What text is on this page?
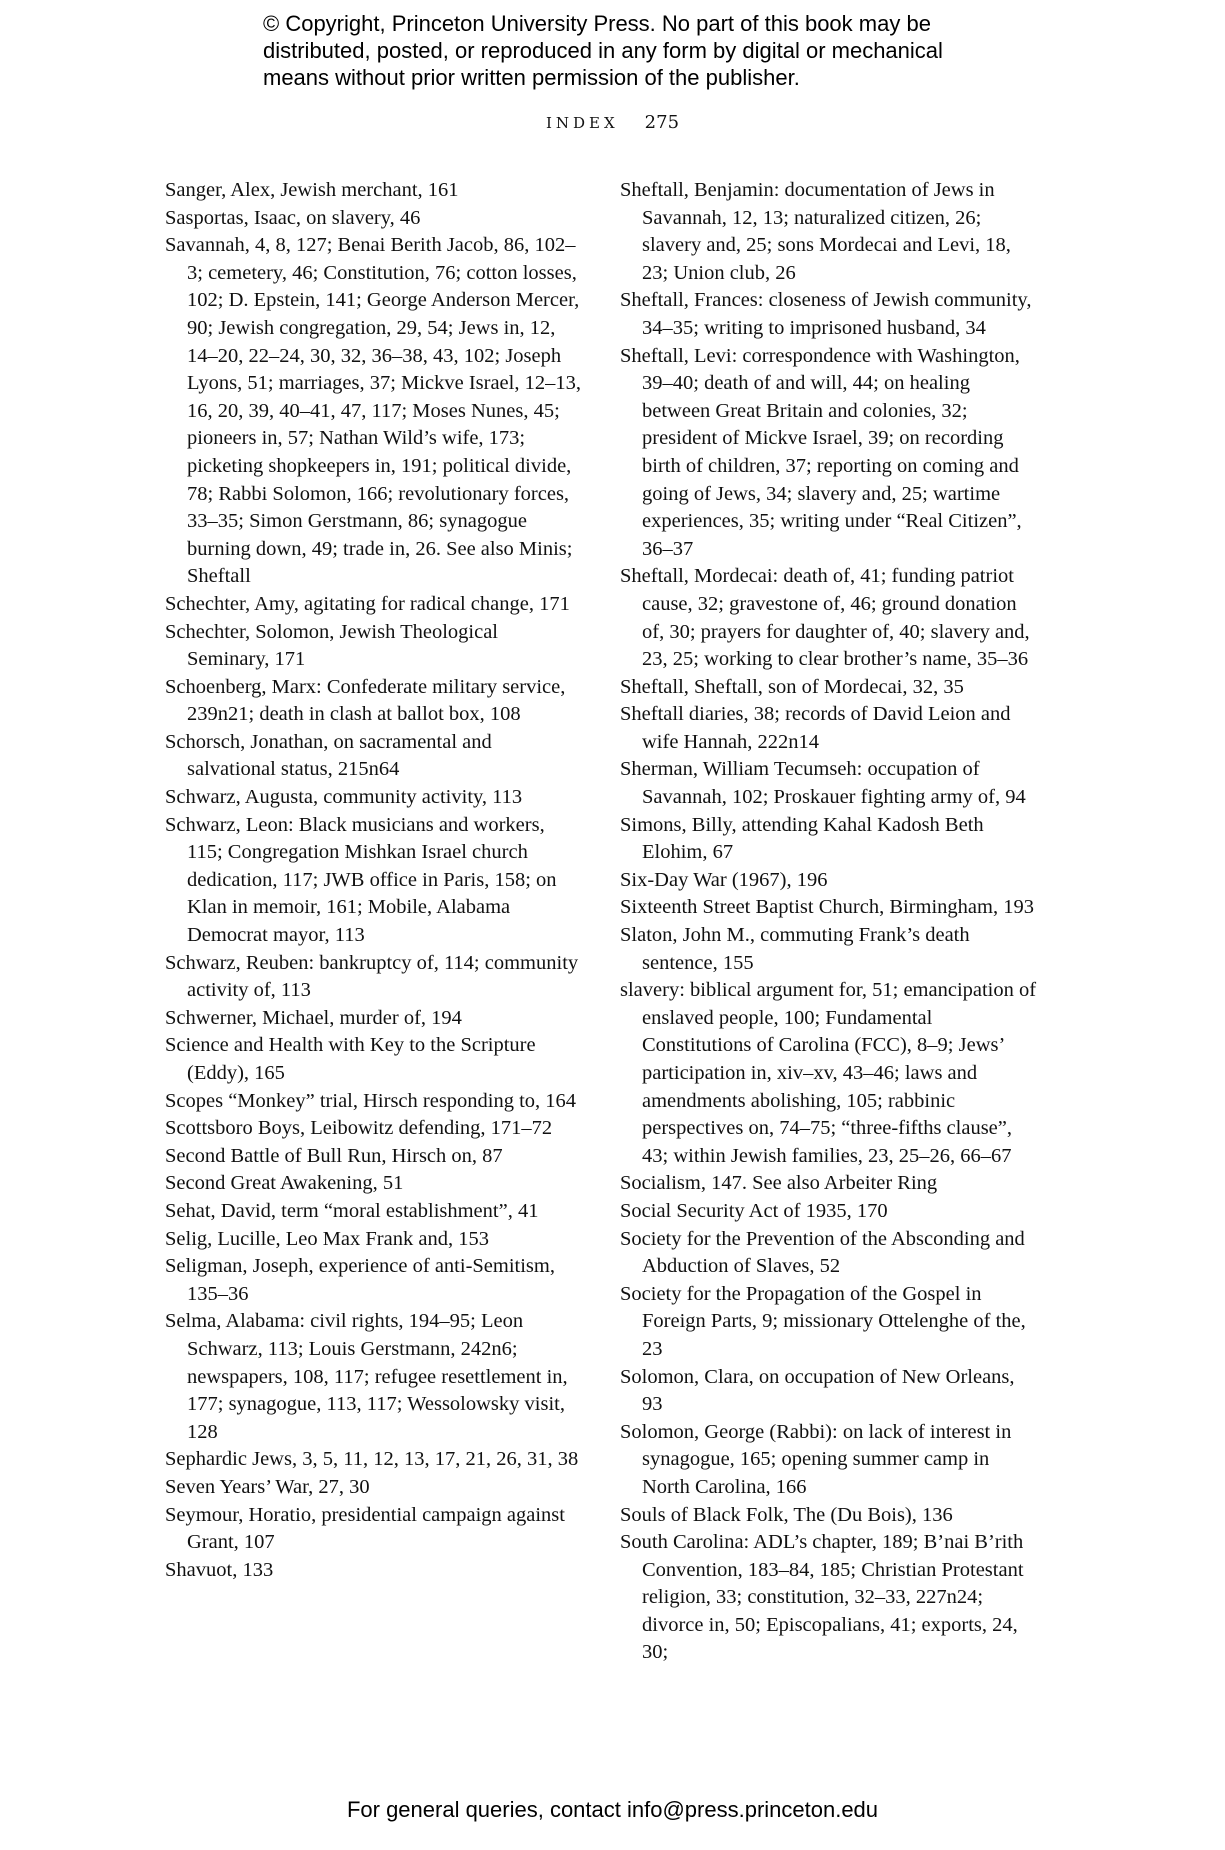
© Copyright, Princeton University Press. No part of this book may be
distributed, posted, or reproduced in any form by digital or mechanical
means without prior written permission of the publisher.
INDEX 275

Sanger, Alex, Jewish merchant, 161

Sasportas, Isaac, on slavery, 46

Savannah, 4, 8, 127; Benai Berith Jacob, 86, 102–3; cemetery, 46; Constitution, 76; cotton losses, 102; D. Epstein, 141; George Anderson Mercer, 90; Jewish congregation, 29, 54; Jews in, 12, 14–20, 22–24, 30, 32, 36–38, 43, 102; Joseph Lyons, 51; marriages, 37; Mickve Israel, 12–13, 16, 20, 39, 40–41, 47, 117; Moses Nunes, 45; pioneers in, 57; Nathan Wild’s wife, 173; picketing shopkeepers in, 191; political divide, 78; Rabbi Solomon, 166; revolutionary forces, 33–35; Simon Gerstmann, 86; synagogue burning down, 49; trade in, 26. See also Minis; Sheftall

Schechter, Amy, agitating for radical change, 171

Schechter, Solomon, Jewish Theological Seminary, 171

Schoenberg, Marx: Confederate military service, 239n21; death in clash at ballot box, 108

Schorsch, Jonathan, on sacramental and salvational status, 215n64

Schwarz, Augusta, community activity, 113

Schwarz, Leon: Black musicians and workers, 115; Congregation Mishkan Israel church dedication, 117; JWB office in Paris, 158; on Klan in memoir, 161; Mobile, Alabama Democrat mayor, 113

Schwarz, Reuben: bankruptcy of, 114; community activity of, 113

Schwerner, Michael, murder of, 194

Science and Health with Key to the Scripture (Eddy), 165

Scopes “Monkey” trial, Hirsch responding to, 164

Scottsboro Boys, Leibowitz defending, 171–72

Second Battle of Bull Run, Hirsch on, 87

Second Great Awakening, 51

Sehat, David, term “moral establishment”, 41

Selig, Lucille, Leo Max Frank and, 153

Seligman, Joseph, experience of anti-Semitism, 135–36

Selma, Alabama: civil rights, 194–95; Leon Schwarz, 113; Louis Gerstmann, 242n6; newspapers, 108, 117; refugee resettlement in, 177; synagogue, 113, 117; Wessolowsky visit, 128

Sephardic Jews, 3, 5, 11, 12, 13, 17, 21, 26, 31, 38

Seven Years’ War, 27, 30

Seymour, Horatio, presidential campaign against Grant, 107

Shavuot, 133

Sheftall, Benjamin: documentation of Jews in Savannah, 12, 13; naturalized citizen, 26; slavery and, 25; sons Mordecai and Levi, 18, 23; Union club, 26

Sheftall, Frances: closeness of Jewish community, 34–35; writing to imprisoned husband, 34

Sheftall, Levi: correspondence with Washington, 39–40; death of and will, 44; on healing between Great Britain and colonies, 32; president of Mickve Israel, 39; on recording birth of children, 37; reporting on coming and going of Jews, 34; slavery and, 25; wartime experiences, 35; writing under “Real Citizen”, 36–37

Sheftall, Mordecai: death of, 41; funding patriot cause, 32; gravestone of, 46; ground donation of, 30; prayers for daughter of, 40; slavery and, 23, 25; working to clear brother’s name, 35–36

Sheftall, Sheftall, son of Mordecai, 32, 35

Sheftall diaries, 38; records of David Leion and wife Hannah, 222n14

Sherman, William Tecumseh: occupation of Savannah, 102; Proskauer fighting army of, 94

Simons, Billy, attending Kahal Kadosh Beth Elohim, 67

Six-Day War (1967), 196

Sixteenth Street Baptist Church, Birmingham, 193

Slaton, John M., commuting Frank’s death sentence, 155

slavery: biblical argument for, 51; emancipation of enslaved people, 100; Fundamental Constitutions of Carolina (FCC), 8–9; Jews’ participation in, xiv–xv, 43–46; laws and amendments abolishing, 105; rabbinic perspectives on, 74–75; “three-fifths clause”, 43; within Jewish families, 23, 25–26, 66–67

Socialism, 147. See also Arbeiter Ring

Social Security Act of 1935, 170

Society for the Prevention of the Absconding and Abduction of Slaves, 52

Society for the Propagation of the Gospel in Foreign Parts, 9; missionary Ottelenghe of the, 23

Solomon, Clara, on occupation of New Orleans, 93

Solomon, George (Rabbi): on lack of interest in synagogue, 165; opening summer camp in North Carolina, 166

Souls of Black Folk, The (Du Bois), 136

South Carolina: ADL’s chapter, 189; B’nai B’rith Convention, 183–84, 185; Christian Protestant religion, 33; constitution, 32–33, 227n24; divorce in, 50; Episcopalians, 41; exports, 24, 30;

For general queries, contact info@press.princeton.edu
